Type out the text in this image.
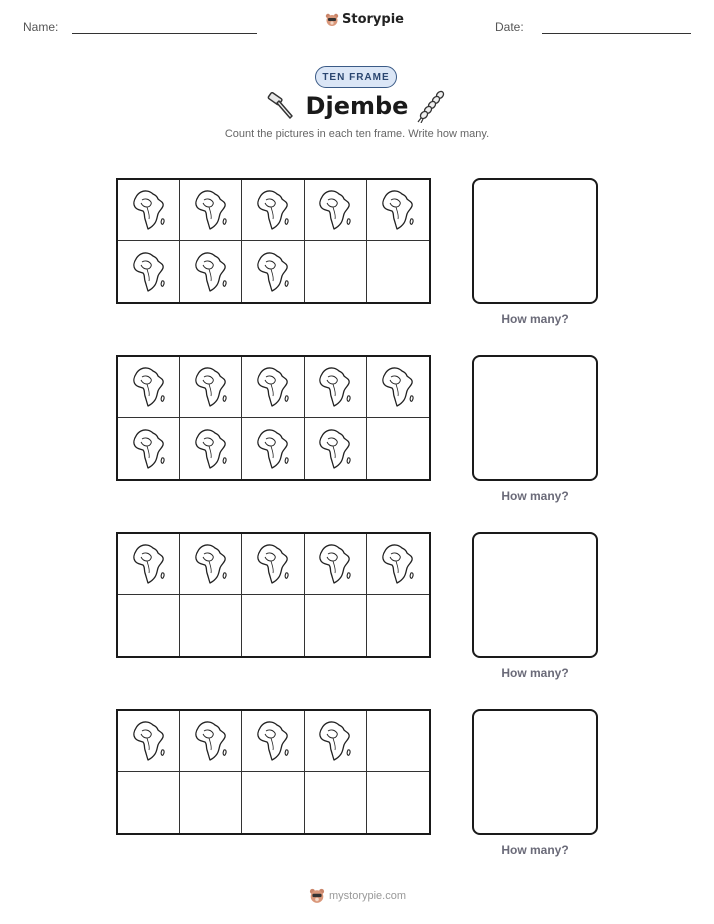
Name:	Storypie	Date:
TEN FRAME
Djembe
Count the pictures in each ten frame. Write how many.
How many?
How many?
How many?
How many?
mystorypie.com
